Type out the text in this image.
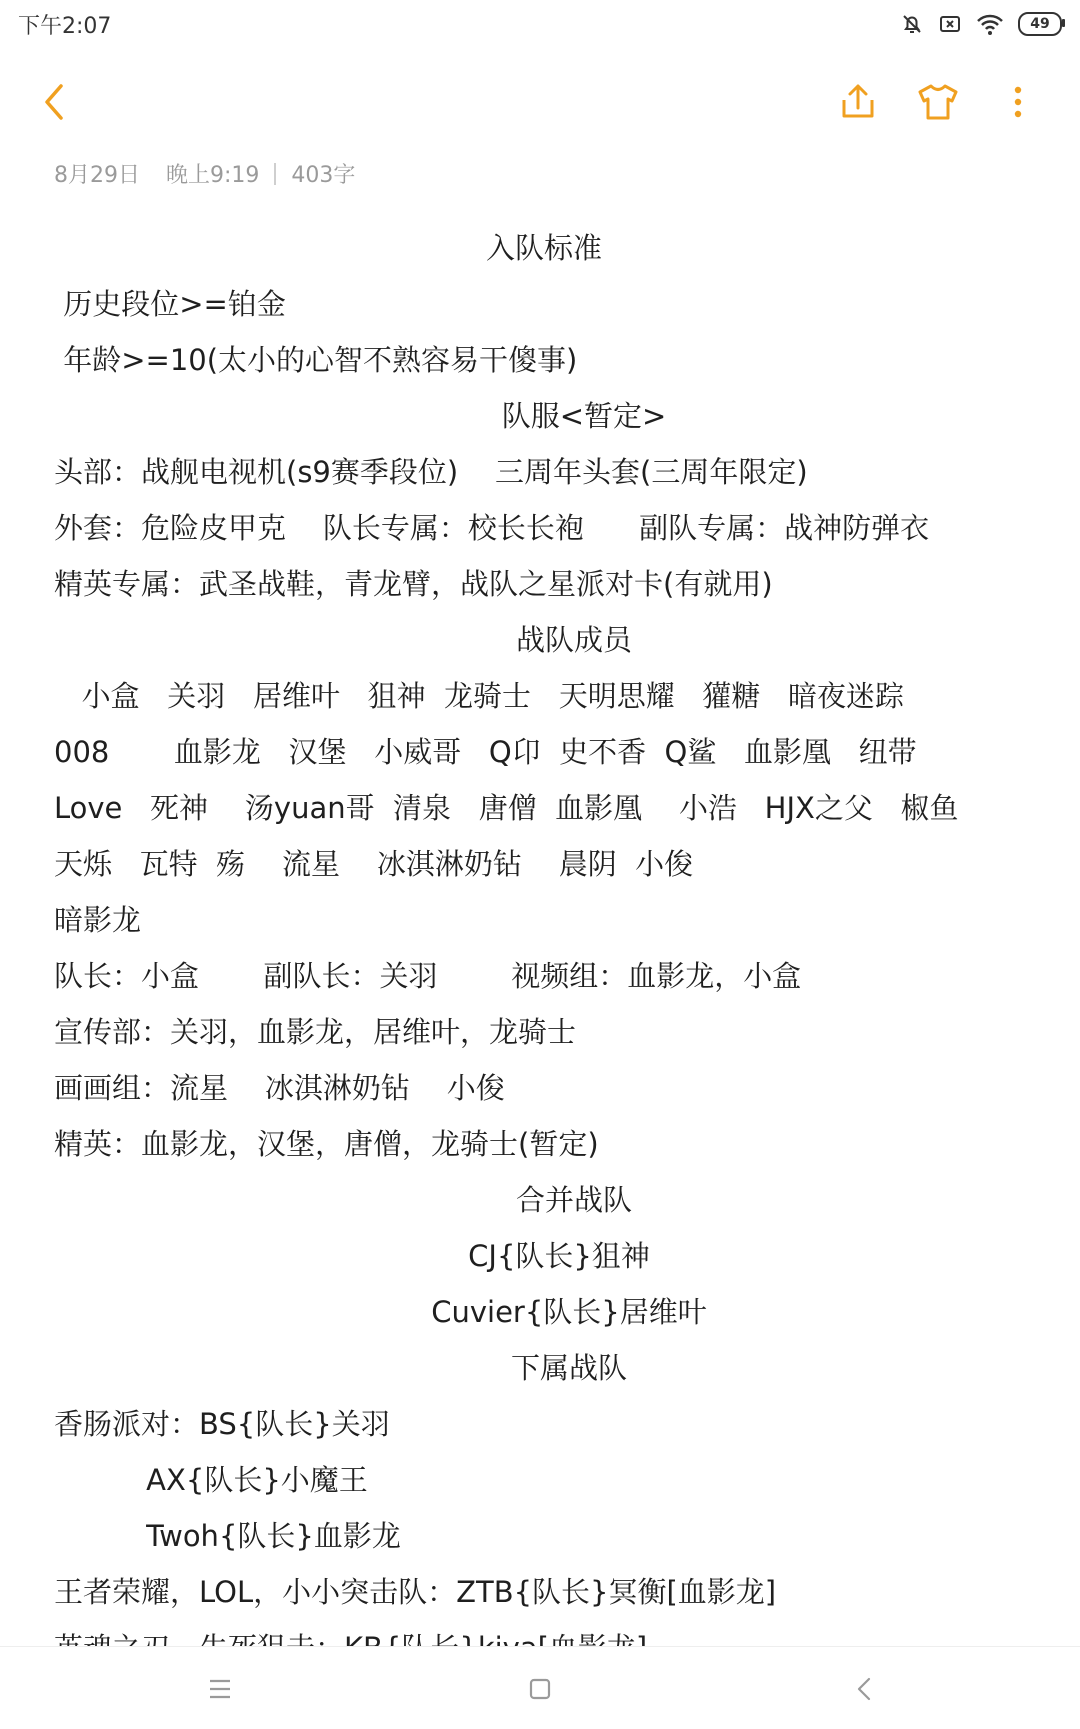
下午2:07	49
8月29日 晚上9:19 403字
入队标准
历史段位>=铂金
年龄>=10(太小的心智不熟容易干傻事)
队服<暂定>
头部：战舰电视机(s9赛季段位)    三周年头套(三周年限定)
外套：危险皮甲克    队长专属：校长长袍      副队专属：战神防弹衣
精英专属：武圣战鞋，青龙臂，战队之星派对卡(有就用)
战队成员
小盒   关羽   居维叶   狙神  龙骑士   天明思耀   獾糖   暗夜迷踪
008       血影龙   汉堡   小威哥   Q卬  史不香  Q鲨   血影凰   纽带
Love   死神    汤yuan哥  清泉   唐僧  血影凰    小浩   HJX之父   椒鱼
天烁   瓦特  殇    流星    冰淇淋奶钻    晨阴  小俊
暗影龙
队长：小盒       副队长：关羽        视频组：血影龙，小盒
宣传部：关羽，血影龙，居维叶，龙骑士
画画组：流星    冰淇淋奶钻    小俊
精英：血影龙，汉堡，唐僧，龙骑士(暂定)
合并战队
CJ{队长}狙神
Cuvier{队长}居维叶
下属战队
香肠派对：BS{队长}关羽
AX{队长}小魔王
Twoh{队长}血影龙
王者荣耀，LOL，小小突击队：ZTB{队长}冥衡[血影龙]
